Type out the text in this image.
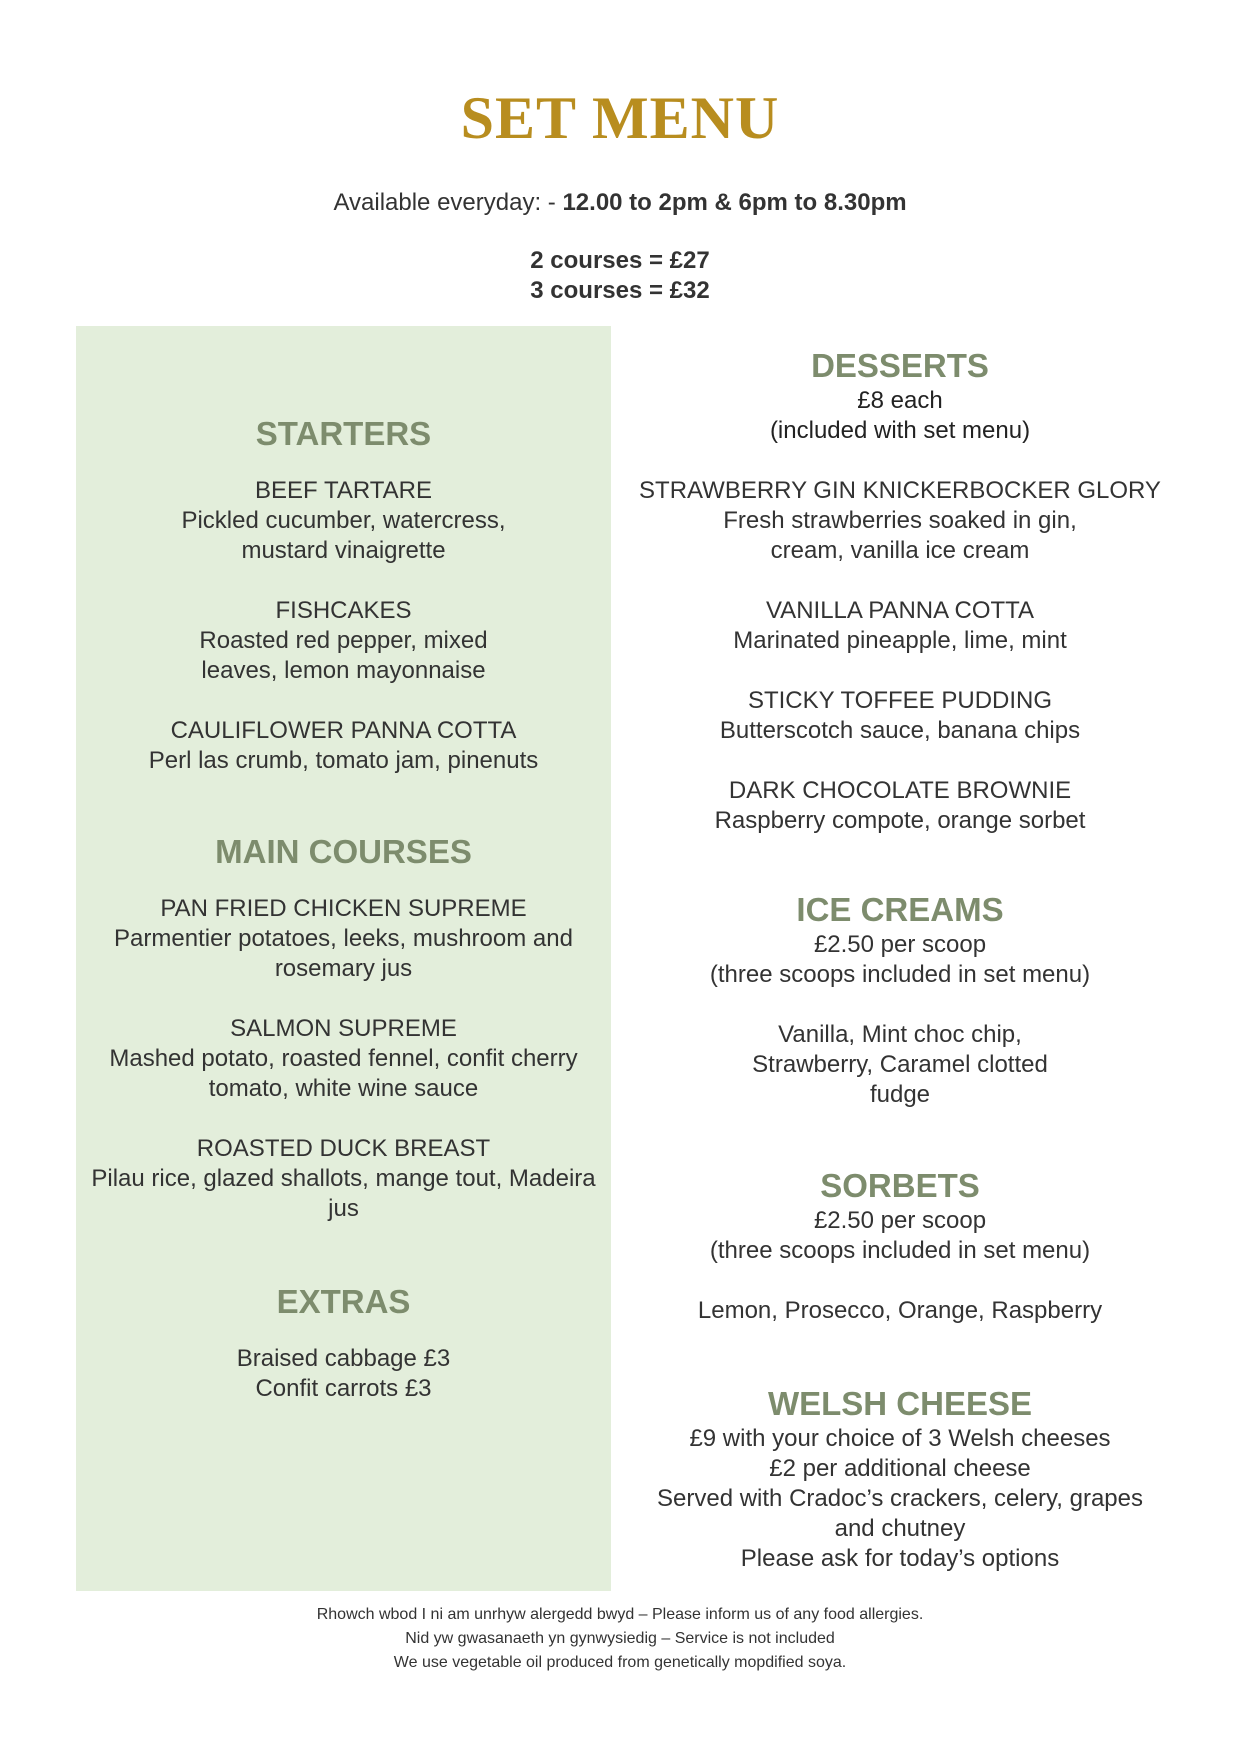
SET MENU
Available everyday: - 12.00 to 2pm & 6pm to 8.30pm
2 courses = £27
3 courses = £32
STARTERS
BEEF TARTARE
Pickled cucumber, watercress, mustard vinaigrette
FISHCAKES
Roasted red pepper, mixed leaves, lemon mayonnaise
CAULIFLOWER PANNA COTTA
Perl las crumb, tomato jam, pinenuts
MAIN COURSES
PAN FRIED CHICKEN SUPREME
Parmentier potatoes, leeks, mushroom and rosemary jus
SALMON SUPREME
Mashed potato, roasted fennel, confit cherry tomato, white wine sauce
ROASTED DUCK BREAST
Pilau rice, glazed shallots, mange tout, Madeira jus
EXTRAS
Braised cabbage £3
Confit carrots £3
DESSERTS
£8 each
(included with set menu)
STRAWBERRY GIN KNICKERBOCKER GLORY
Fresh strawberries soaked in gin, cream, vanilla ice cream
VANILLA PANNA COTTA
Marinated pineapple, lime, mint
STICKY TOFFEE PUDDING
Butterscotch sauce, banana chips
DARK CHOCOLATE BROWNIE
Raspberry compote, orange sorbet
ICE CREAMS
£2.50 per scoop
(three scoops included in set menu)
Vanilla, Mint choc chip, Strawberry, Caramel clotted fudge
SORBETS
£2.50 per scoop
(three scoops included in set menu)
Lemon, Prosecco, Orange, Raspberry
WELSH CHEESE
£9 with your choice of 3 Welsh cheeses
£2 per additional cheese
Served with Cradoc’s crackers, celery, grapes and chutney
Please ask for today’s options
Rhowch wbod I ni am unrhyw alergedd bwyd – Please inform us of any food allergies.
Nid yw gwasanaeth yn gynwysiedig – Service is not included
We use vegetable oil produced from genetically mopdified soya.
